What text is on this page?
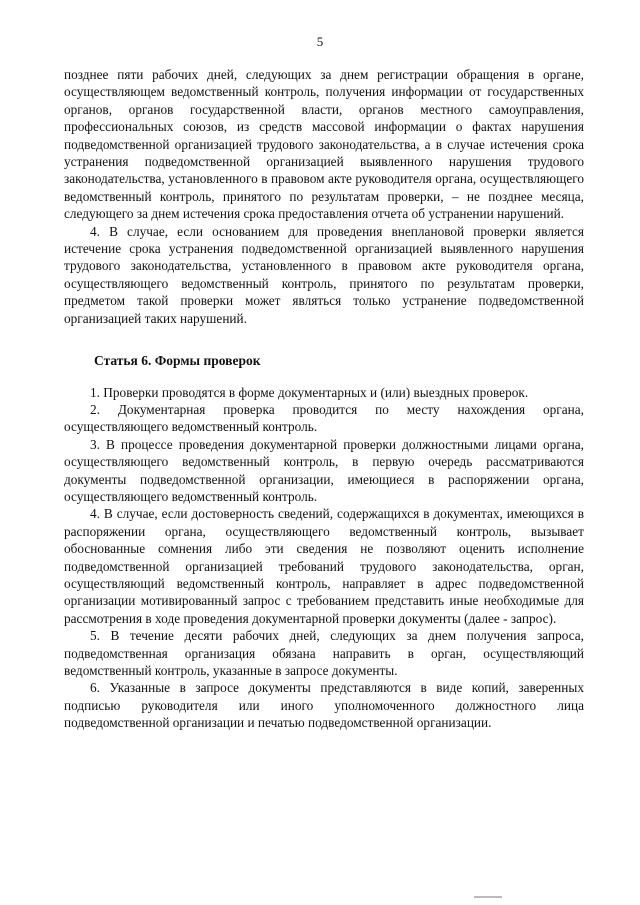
5

позднее пяти рабочих дней, следующих за днем регистрации обращения в органе, осуществляющем ведомственный контроль, получения информации от государственных органов, органов государственной власти, органов местного самоуправления, профессиональных союзов, из средств массовой информации о фактах нарушения подведомственной организацией трудового законодательства, а в случае истечения срока устранения подведомственной организацией выявленного нарушения трудового законодательства, установленного в правовом акте руководителя органа, осуществляющего ведомственный контроль, принятого по результатам проверки, – не позднее месяца, следующего за днем истечения срока предоставления отчета об устранении нарушений.

4. В случае, если основанием для проведения внеплановой проверки является истечение срока устранения подведомственной организацией выявленного нарушения трудового законодательства, установленного в правовом акте руководителя органа, осуществляющего ведомственный контроль, принятого по результатам проверки, предметом такой проверки может являться только устранение подведомственной организацией таких нарушений.

Статья 6. Формы проверок

1. Проверки проводятся в форме документарных и (или) выездных проверок.

2. Документарная проверка проводится по месту нахождения органа, осуществляющего ведомственный контроль.

3. В процессе проведения документарной проверки должностными лицами органа, осуществляющего ведомственный контроль, в первую очередь рассматриваются документы подведомственной организации, имеющиеся в распоряжении органа, осуществляющего ведомственный контроль.

4. В случае, если достоверность сведений, содержащихся в документах, имеющихся в распоряжении органа, осуществляющего ведомственный контроль, вызывает обоснованные сомнения либо эти сведения не позволяют оценить исполнение подведомственной организацией требований трудового законодательства, орган, осуществляющий ведомственный контроль, направляет в адрес подведомственной организации мотивированный запрос с требованием представить иные необходимые для рассмотрения в ходе проведения документарной проверки документы (далее - запрос).

5. В течение десяти рабочих дней, следующих за днем получения запроса, подведомственная организация обязана направить в орган, осуществляющий ведомственный контроль, указанные в запросе документы.

6. Указанные в запросе документы представляются в виде копий, заверенных подписью руководителя или иного уполномоченного должностного лица подведомственной организации и печатью подведомственной организации.
